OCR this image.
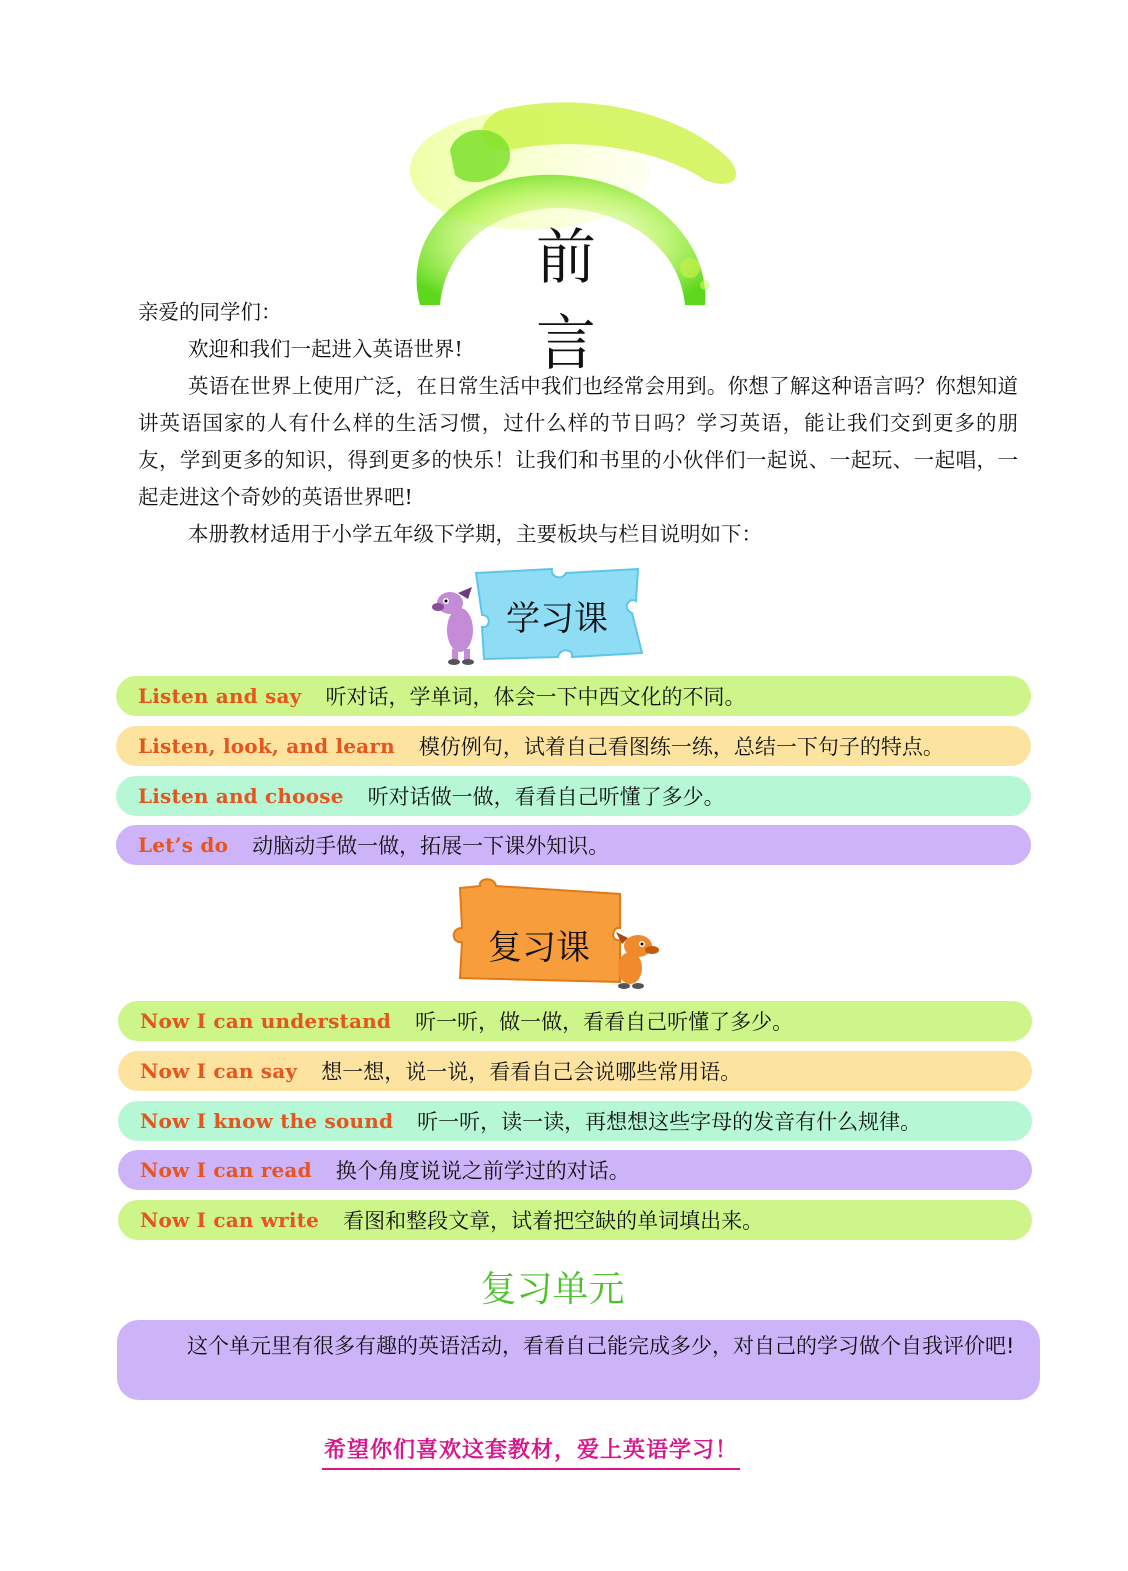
前 言
亲爱的同学们：
欢迎和我们一起进入英语世界!
英语在世界上使用广泛，在日常生活中我们也经常会用到。你想了解这种语言吗？你想知道讲英语国家的人有什么样的生活习惯，过什么样的节日吗？学习英语，能让我们交到更多的朋友，学到更多的知识，得到更多的快乐！让我们和书里的小伙伴们一起说、一起玩、一起唱，一起走进这个奇妙的英语世界吧!
本册教材适用于小学五年级下学期，主要板块与栏目说明如下：
学习课
Listen and say 听对话，学单词，体会一下中西文化的不同。
Listen, look, and learn 模仿例句，试着自己看图练一练，总结一下句子的特点。
Listen and choose 听对话做一做，看看自己听懂了多少。
Let’s do 动脑动手做一做，拓展一下课外知识。
复习课
Now I can understand 听一听，做一做，看看自己听懂了多少。
Now I can say 想一想，说一说，看看自己会说哪些常用语。
Now I know the sound 听一听，读一读，再想想这些字母的发音有什么规律。
Now I can read 换个角度说说之前学过的对话。
Now I can write 看图和整段文章，试着把空缺的单词填出来。
复习单元
这个单元里有很多有趣的英语活动，看看自己能完成多少，对自己的学习做个自我评价吧!
希望你们喜欢这套教材，爱上英语学习！
